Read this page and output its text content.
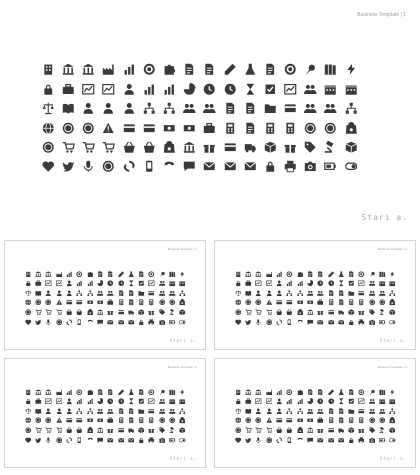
Business Template | 1
Stari a.
Business Template | 1
Stari a.
Business Template | 1
Stari a.
Business Template | 1
Stari a.
Business Template | 1
Stari a.
